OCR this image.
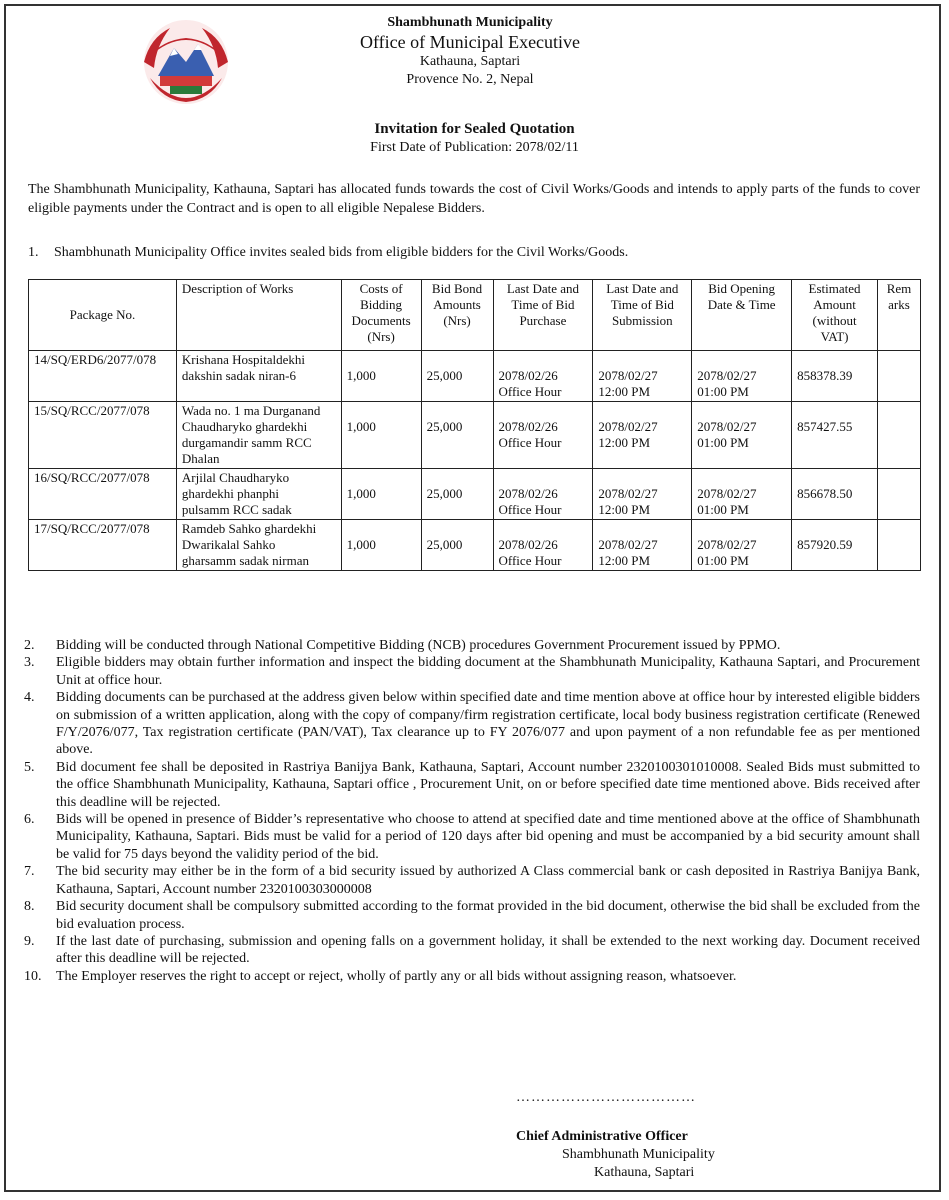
Shambhunath Municipality
Office of Municipal Executive
Kathauna, Saptari
Provence No. 2, Nepal
Invitation for Sealed Quotation
First Date of Publication: 2078/02/11
The Shambhunath Municipality, Kathauna, Saptari has allocated funds towards the cost of Civil Works/Goods and intends to apply parts of the funds to cover eligible payments under the Contract and is open to all eligible Nepalese Bidders.
1. Shambhunath Municipality Office invites sealed bids from eligible bidders for the Civil Works/Goods.
Package No.	Description of Works	Costs of Bidding Documents (Nrs)	Bid Bond Amounts (Nrs)	Last Date and Time of Bid Purchase	Last Date and Time of Bid Submission	Bid Opening Date & Time	Estimated Amount (without VAT)	Rem arks
14/SQ/ERD6/2077/078	Krishana Hospitaldekhi dakshin sadak niran-6	1,000	25,000	2078/02/26 Office Hour	2078/02/27 12:00 PM	2078/02/27 01:00 PM	858378.39	
15/SQ/RCC/2077/078	Wada no. 1 ma Durganand Chaudharyko ghardekhi durgamandir samm RCC Dhalan	1,000	25,000	2078/02/26 Office Hour	2078/02/27 12:00 PM	2078/02/27 01:00 PM	857427.55	
16/SQ/RCC/2077/078	Arjilal Chaudharyko ghardekhi phanphi pulsamm RCC sadak	1,000	25,000	2078/02/26 Office Hour	2078/02/27 12:00 PM	2078/02/27 01:00 PM	856678.50	
17/SQ/RCC/2077/078	Ramdeb Sahko ghardekhi Dwarikalal Sahko gharsamm sadak nirman	1,000	25,000	2078/02/26 Office Hour	2078/02/27 12:00 PM	2078/02/27 01:00 PM	857920.59	
2.	Bidding will be conducted through National Competitive Bidding (NCB) procedures Government Procurement issued by PPMO.
3.	Eligible bidders may obtain further information and inspect the bidding document at the Shambhunath Municipality, Kathauna Saptari, and Procurement Unit at office hour.
4.	Bidding documents can be purchased at the address given below within specified date and time mention above at office hour by interested eligible bidders on submission of a written application, along with the copy of company/firm registration certificate, local body business registration certificate (Renewed F/Y/2076/077, Tax registration certificate (PAN/VAT), Tax clearance up to FY 2076/077 and upon payment of a non refundable fee as per mentioned above.
5.	Bid document fee shall be deposited in Rastriya Banijya Bank, Kathauna, Saptari, Account number 2320100301010008. Sealed Bids must submitted to the office Shambhunath Municipality, Kathauna, Saptari office , Procurement Unit, on or before specified date time mentioned above. Bids received after this deadline will be rejected.
6.	Bids will be opened in presence of Bidder’s representative who choose to attend at specified date and time mentioned above at the office of Shambhunath Municipality, Kathauna, Saptari. Bids must be valid for a period of 120 days after bid opening and must be accompanied by a bid security amount shall be valid for 75 days beyond the validity period of the bid.
7.	The bid security may either be in the form of a bid security issued by authorized A Class commercial bank or cash deposited in Rastriya Banijya Bank, Kathauna, Saptari, Account number 2320100303000008
8.	Bid security document shall be compulsory submitted according to the format provided in the bid document, otherwise the bid shall be excluded from the bid evaluation process.
9.	If the last date of purchasing, submission and opening falls on a government holiday, it shall be extended to the next working day. Document received after this deadline will be rejected.
10.	The Employer reserves the right to accept or reject, wholly of partly any or all bids without assigning reason, whatsoever.
………………………………
Chief Administrative Officer
Shambhunath Municipality
Kathauna, Saptari
